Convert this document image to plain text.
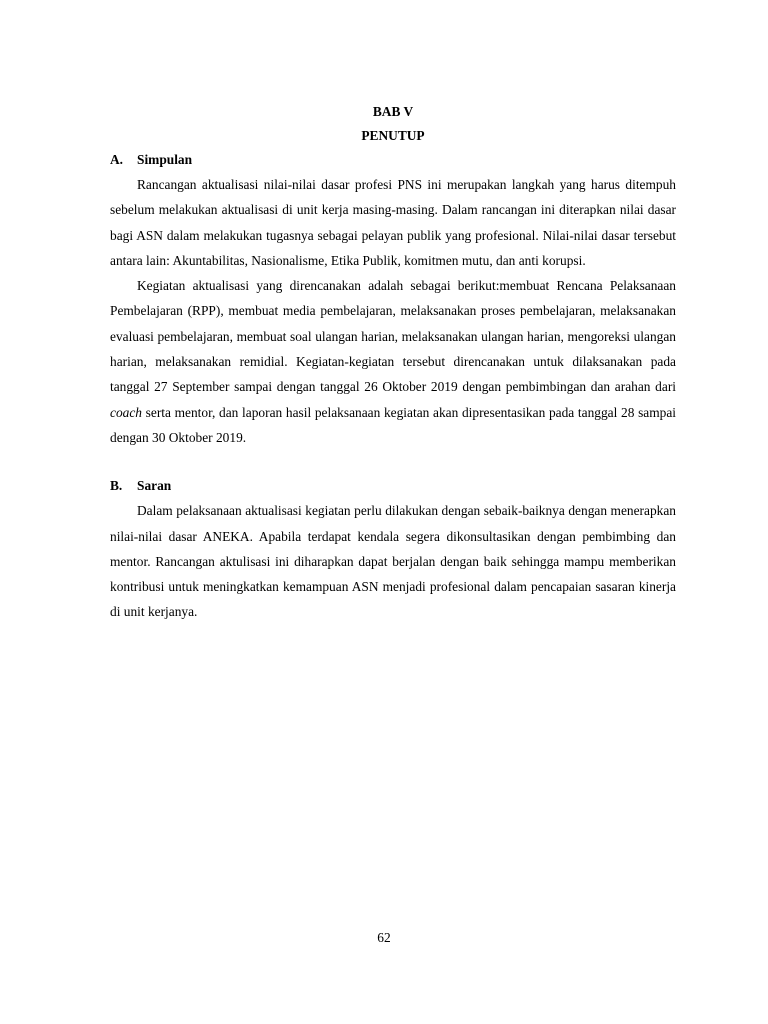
BAB V
PENUTUP
A.	Simpulan

Rancangan aktualisasi nilai-nilai dasar profesi PNS ini merupakan langkah yang harus ditempuh sebelum melakukan aktualisasi di unit kerja masing-masing. Dalam rancangan ini diterapkan nilai dasar bagi ASN dalam melakukan tugasnya sebagai pelayan publik yang profesional. Nilai-nilai dasar tersebut antara lain: Akuntabilitas, Nasionalisme, Etika Publik, komitmen mutu, dan anti korupsi.

Kegiatan aktualisasi yang direncanakan adalah sebagai berikut:membuat Rencana Pelaksanaan Pembelajaran (RPP), membuat media pembelajaran, melaksanakan proses pembelajaran, melaksanakan evaluasi pembelajaran, membuat soal ulangan harian, melaksanakan ulangan harian, mengoreksi ulangan harian, melaksanakan remidial. Kegiatan-kegiatan tersebut direncanakan untuk dilaksanakan pada tanggal 27 September sampai dengan tanggal 26 Oktober 2019 dengan pembimbingan dan arahan dari coach serta mentor, dan laporan hasil pelaksanaan kegiatan akan dipresentasikan pada tanggal 28 sampai dengan 30 Oktober 2019.

B.	Saran

Dalam pelaksanaan aktualisasi kegiatan perlu dilakukan dengan sebaik-baiknya dengan menerapkan nilai-nilai dasar ANEKA. Apabila terdapat kendala segera dikonsultasikan dengan pembimbing dan mentor. Rancangan aktulisasi ini diharapkan dapat berjalan dengan baik sehingga mampu memberikan kontribusi untuk meningkatkan kemampuan ASN menjadi profesional dalam pencapaian sasaran kinerja di unit kerjanya.

62
